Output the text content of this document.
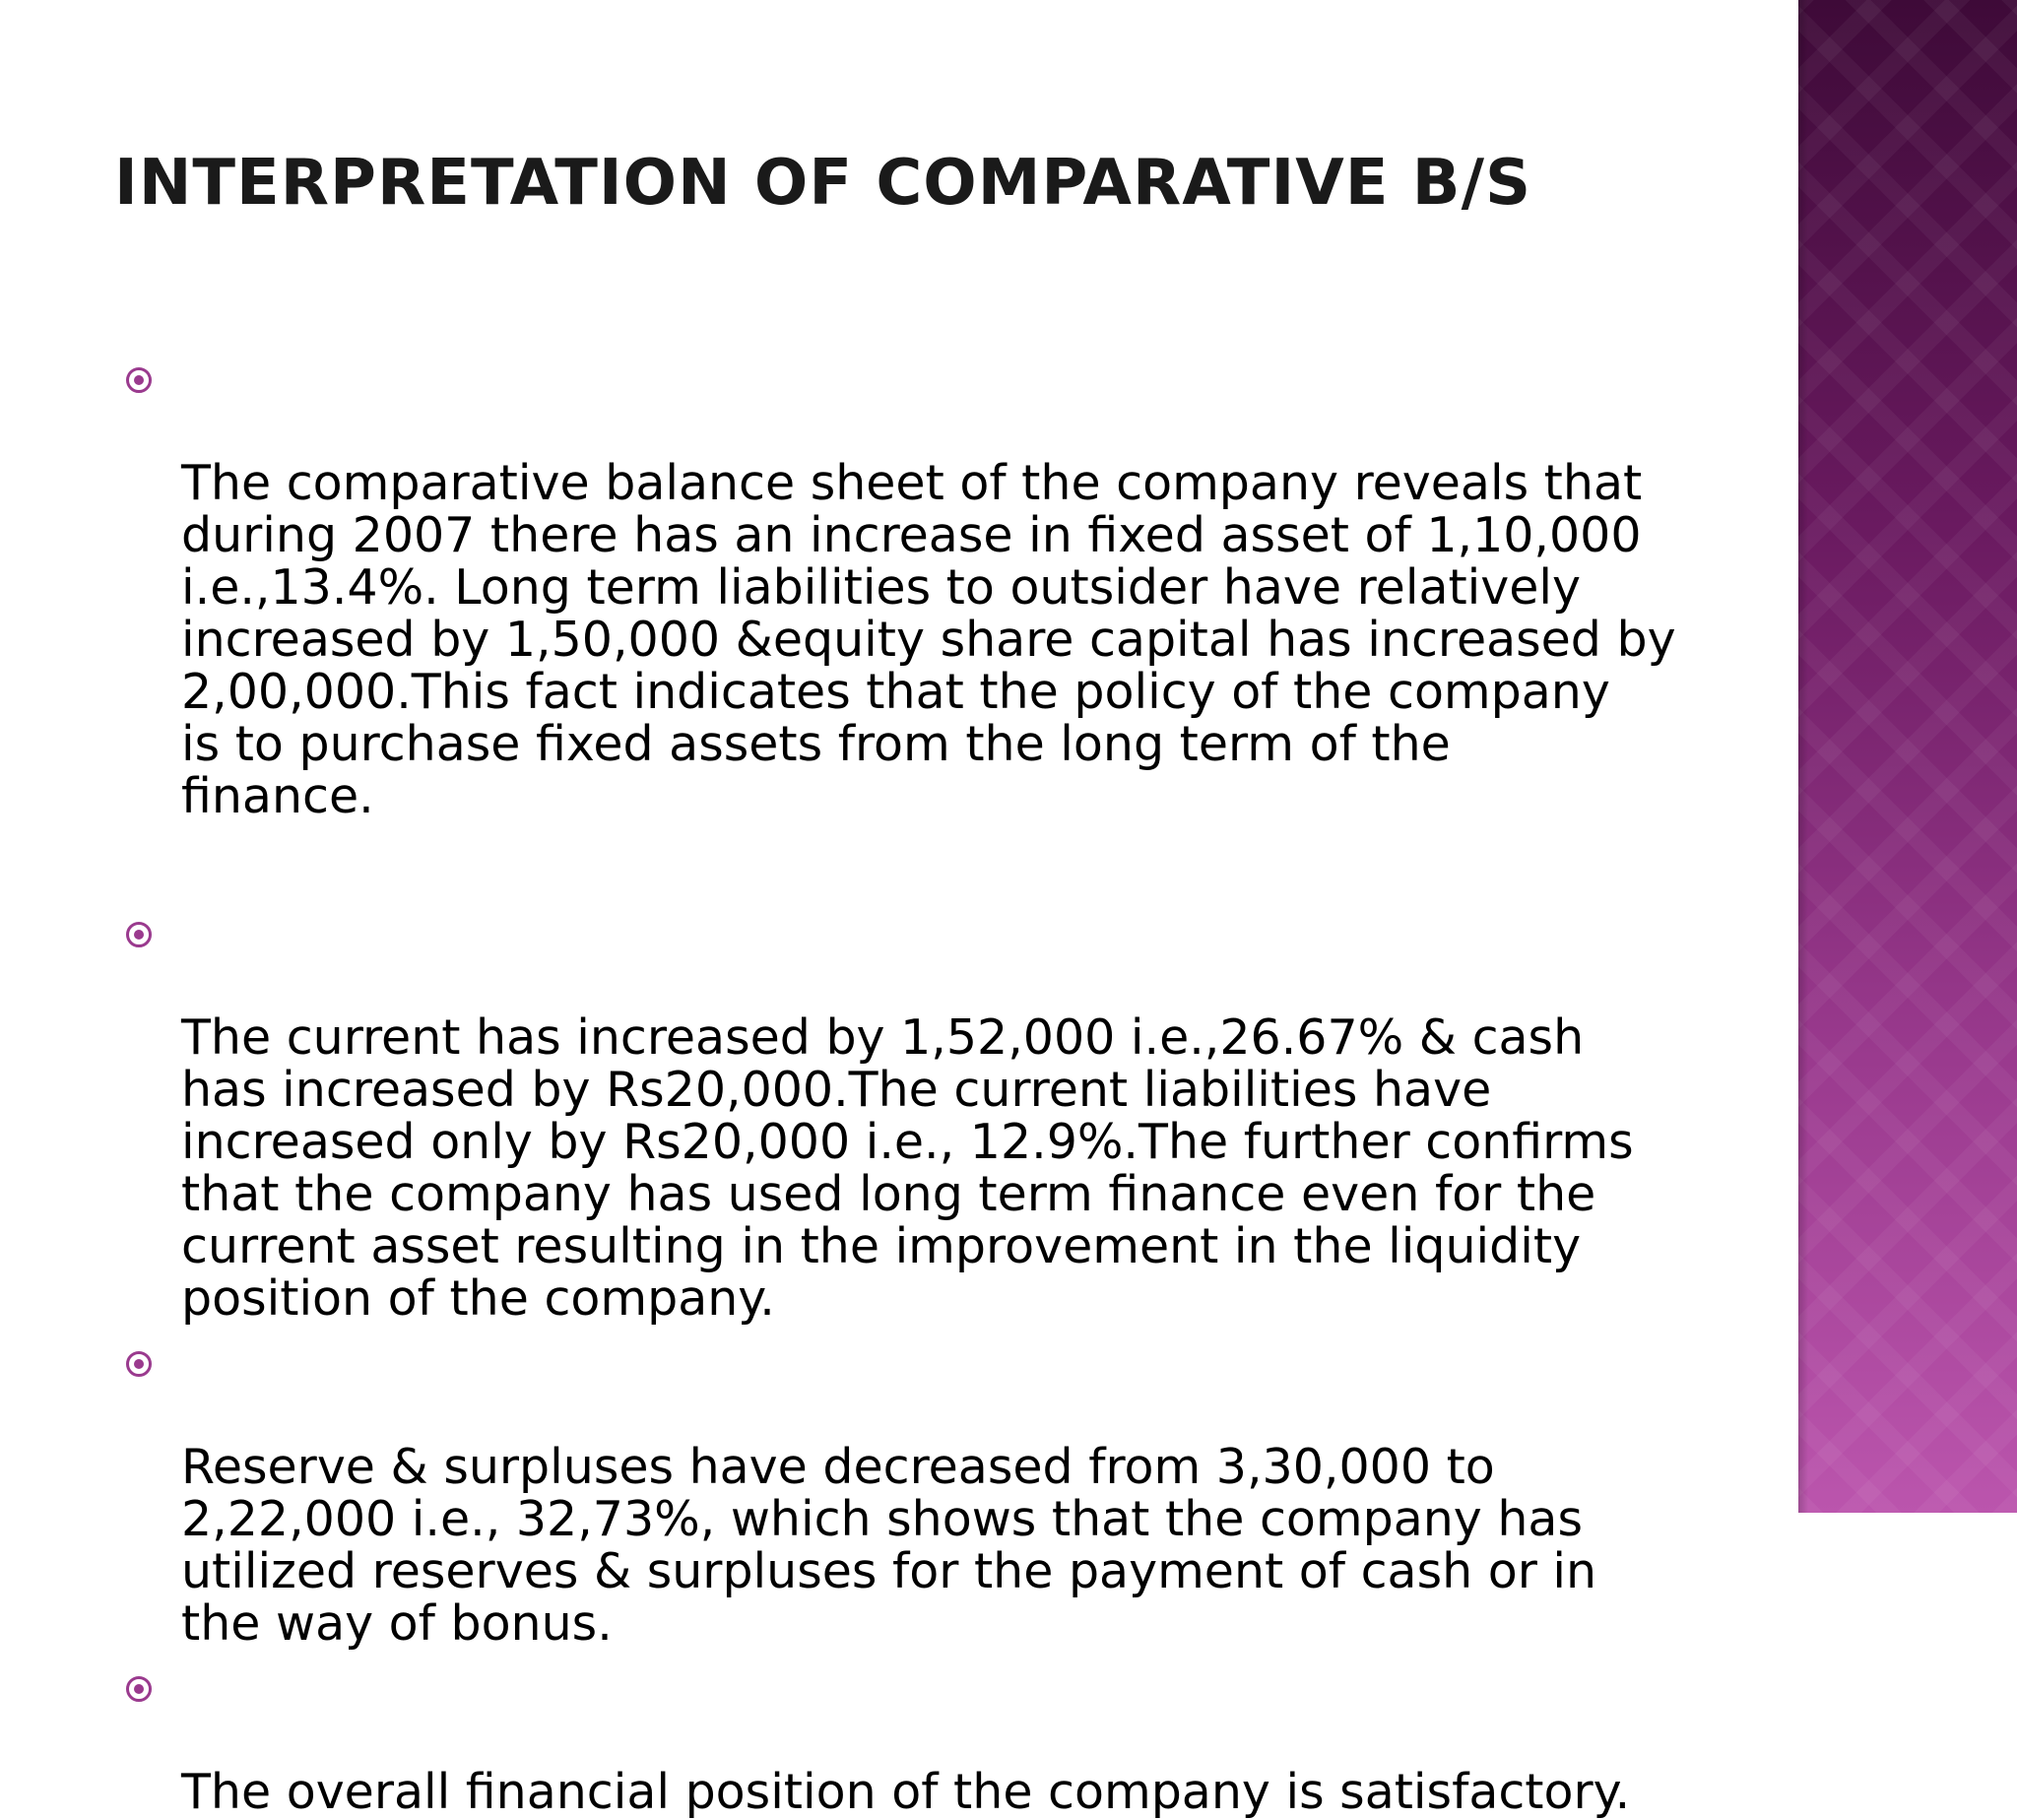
INTERPRETATION OF COMPARATIVE B/S

The comparative balance sheet of the company reveals that
during 2007 there has an increase in fixed asset of 1,10,000
i.e.,13.4%. Long term liabilities to outsider have relatively
increased by 1,50,000 &equity share capital has increased by
2,00,000.This fact indicates that the policy of the company
is to purchase fixed assets from the long term of the
finance.

The current has increased by 1,52,000 i.e.,26.67% & cash
has increased by Rs20,000.The current liabilities have
increased only by Rs20,000 i.e., 12.9%.The further confirms
that the company has used long term finance even for the
current asset resulting in the improvement in the liquidity
position of the company.

Reserve & surpluses have decreased from 3,30,000 to
2,22,000 i.e., 32,73%, which shows that the company has
utilized reserves & surpluses for the payment of cash or in
the way of bonus.

The overall financial position of the company is satisfactory.
